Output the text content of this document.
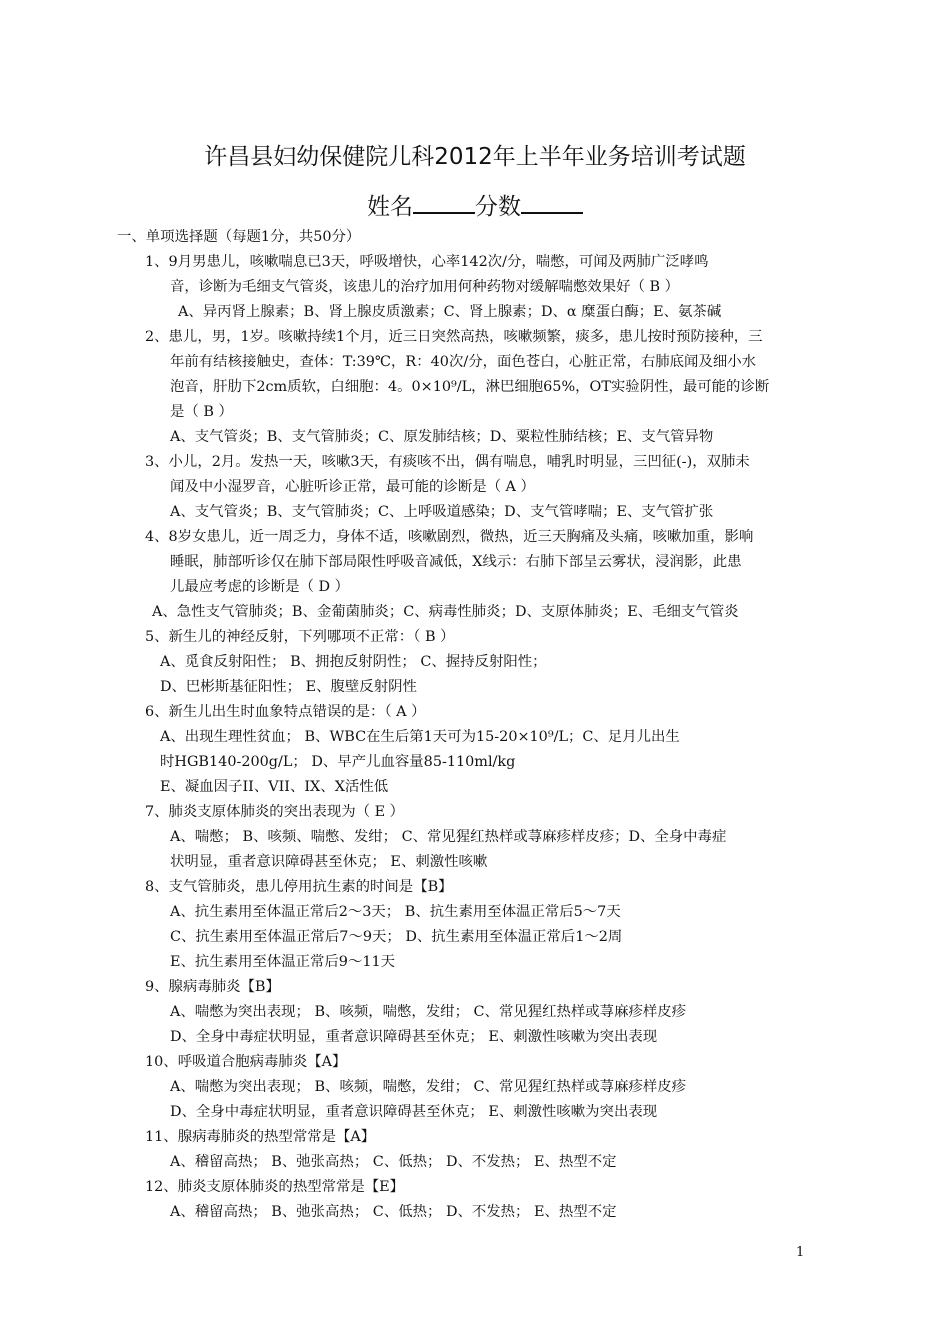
许昌县妇幼保健院儿科2012年上半年业务培训考试题
姓名	分数
一、单项选择题（每题1分，共50分）
1、9月男患儿，咳嗽喘息已3天，呼吸增快，心率142次/分，喘憋，可闻及两肺广泛哮鸣
音，诊断为毛细支气管炎，该患儿的治疗加用何种药物对缓解喘憋效果好（ B ）
A、异丙肾上腺素；B、肾上腺皮质激素；C、肾上腺素；D、α 糜蛋白酶；E、氨茶碱
2、患儿，男，1岁。咳嗽持续1个月，近三日突然高热，咳嗽频繁，痰多，患儿按时预防接种，三
年前有结核接触史，查体：T:39℃，R：40次/分，面色苍白，心脏正常，右肺底闻及细小水
泡音，肝肋下2cm质软，白细胞：4。0×10⁹/L，淋巴细胞65%，OT实验阴性，最可能的诊断
是（ B ）
A、支气管炎；B、支气管肺炎；C、原发肺结核；D、粟粒性肺结核；E、支气管异物
3、小儿，2月。发热一天，咳嗽3天，有痰咳不出，偶有喘息，哺乳时明显，三凹征(-)，双肺未
闻及中小湿罗音，心脏听诊正常，最可能的诊断是（ A ）
A、支气管炎；B、支气管肺炎；C、上呼吸道感染；D、支气管哮喘；E、支气管扩张
4、8岁女患儿，近一周乏力，身体不适，咳嗽剧烈，微热，近三天胸痛及头痛，咳嗽加重，影响
睡眠，肺部听诊仅在肺下部局限性呼吸音减低，X线示：右肺下部呈云雾状，浸润影，此患
儿最应考虑的诊断是（ D ）
A、急性支气管肺炎；B、金葡菌肺炎；C、病毒性肺炎；D、支原体肺炎；E、毛细支气管炎
5、新生儿的神经反射，下列哪项不正常：（ B ）
A、觅食反射阳性； B、拥抱反射阴性； C、握持反射阳性；
D、巴彬斯基征阳性； E、腹壁反射阴性
6、新生儿出生时血象特点错误的是：（ A ）
A、出现生理性贫血； B、WBC在生后第1天可为15-20×10⁹/L；C、足月儿出生
时HGB140-200g/L； D、早产儿血容量85-110ml/kg
E、凝血因子II、VII、IX、X活性低
7、肺炎支原体肺炎的突出表现为（ E ）
A、喘憋； B、咳频、喘憋、发绀； C、常见猩红热样或荨麻疹样皮疹；D、全身中毒症
状明显，重者意识障碍甚至休克； E、刺激性咳嗽
8、支气管肺炎，患儿停用抗生素的时间是【B】
A、抗生素用至体温正常后2～3天； B、抗生素用至体温正常后5～7天
C、抗生素用至体温正常后7～9天； D、抗生素用至体温正常后1～2周
E、抗生素用至体温正常后9～11天
9、腺病毒肺炎【B】
A、喘憋为突出表现； B、咳频，喘憋，发绀； C、常见猩红热样或荨麻疹样皮疹
D、全身中毒症状明显，重者意识障碍甚至休克； E、刺激性咳嗽为突出表现
10、呼吸道合胞病毒肺炎【A】
A、喘憋为突出表现； B、咳频，喘憋，发绀； C、常见猩红热样或荨麻疹样皮疹
D、全身中毒症状明显，重者意识障碍甚至休克； E、刺激性咳嗽为突出表现
11、腺病毒肺炎的热型常常是【A】
A、稽留高热； B、弛张高热； C、低热； D、不发热； E、热型不定
12、肺炎支原体肺炎的热型常常是【E】
A、稽留高热； B、弛张高热； C、低热； D、不发热； E、热型不定
1
